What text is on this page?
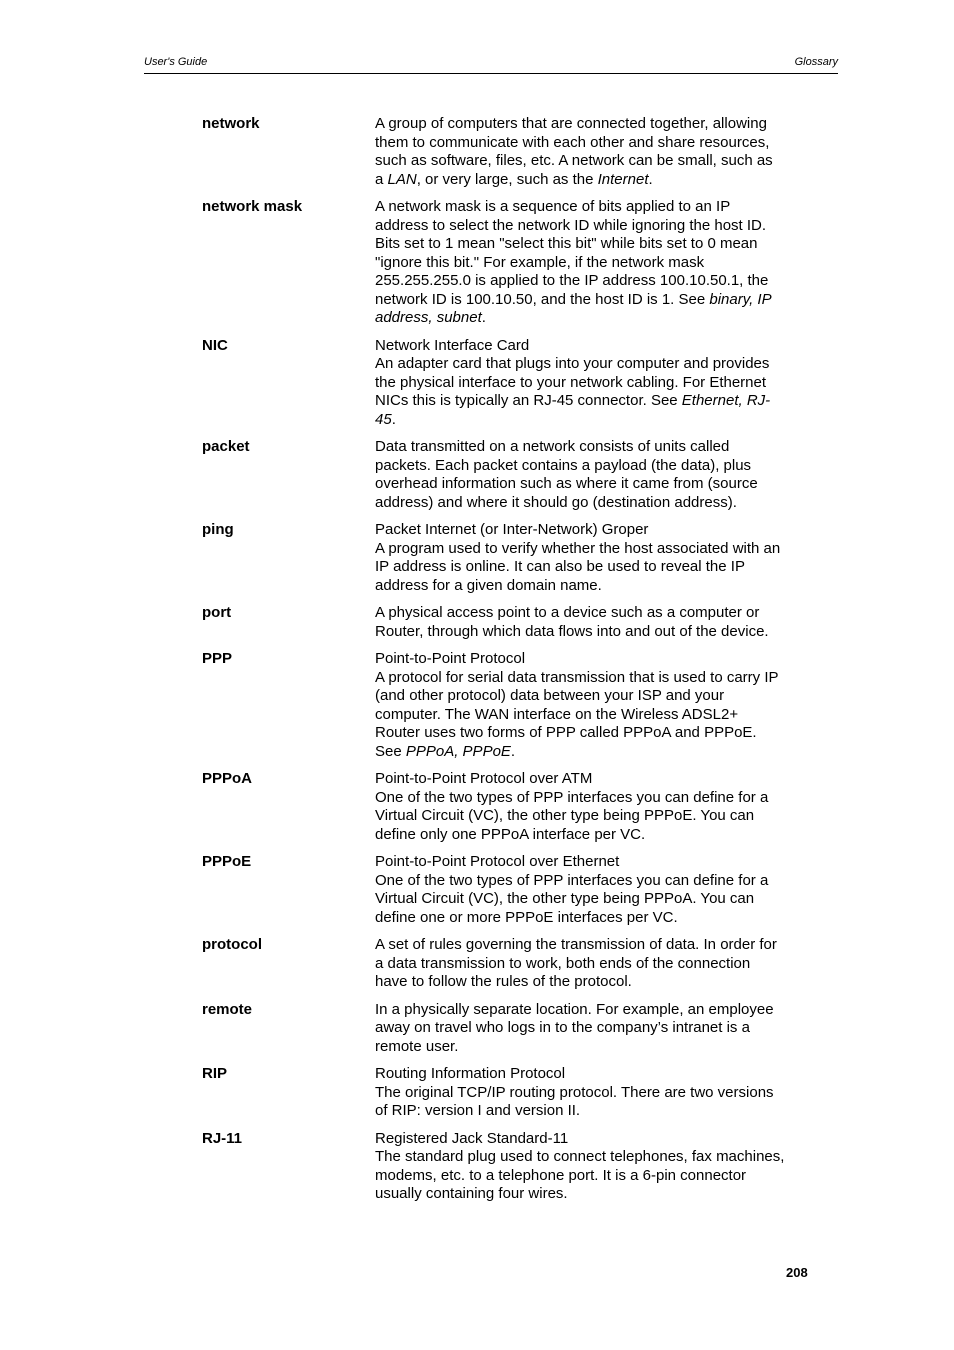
User's Guide	Glossary
network	A group of computers that are connected together, allowing
them to communicate with each other and share resources,
such as software, files, etc. A network can be small, such as
a LAN, or very large, such as the Internet.
network mask	A network mask is a sequence of bits applied to an IP
address to select the network ID while ignoring the host ID.
Bits set to 1 mean "select this bit" while bits set to 0 mean
"ignore this bit." For example, if the network mask
255.255.255.0 is applied to the IP address 100.10.50.1, the
network ID is 100.10.50, and the host ID is 1. See binary, IP
address, subnet.
NIC	Network Interface Card
An adapter card that plugs into your computer and provides
the physical interface to your network cabling. For Ethernet
NICs this is typically an RJ-45 connector. See Ethernet, RJ-
45.
packet	Data transmitted on a network consists of units called
packets. Each packet contains a payload (the data), plus
overhead information such as where it came from (source
address) and where it should go (destination address).
ping	Packet Internet (or Inter-Network) Groper
A program used to verify whether the host associated with an
IP address is online. It can also be used to reveal the IP
address for a given domain name.
port	A physical access point to a device such as a computer or
Router, through which data flows into and out of the device.
PPP	Point-to-Point Protocol
A protocol for serial data transmission that is used to carry IP
(and other protocol) data between your ISP and your
computer. The WAN interface on the Wireless ADSL2+
Router uses two forms of PPP called PPPoA and PPPoE.
See PPPoA, PPPoE.
PPPoA	Point-to-Point Protocol over ATM
One of the two types of PPP interfaces you can define for a
Virtual Circuit (VC), the other type being PPPoE. You can
define only one PPPoA interface per VC.
PPPoE	Point-to-Point Protocol over Ethernet
One of the two types of PPP interfaces you can define for a
Virtual Circuit (VC), the other type being PPPoA. You can
define one or more PPPoE interfaces per VC.
protocol	A set of rules governing the transmission of data. In order for
a data transmission to work, both ends of the connection
have to follow the rules of the protocol.
remote	In a physically separate location. For example, an employee
away on travel who logs in to the company’s intranet is a
remote user.
RIP	Routing Information Protocol
The original TCP/IP routing protocol. There are two versions
of RIP: version I and version II.
RJ-11	Registered Jack Standard-11
The standard plug used to connect telephones, fax machines,
modems, etc. to a telephone port. It is a 6-pin connector
usually containing four wires.
208
